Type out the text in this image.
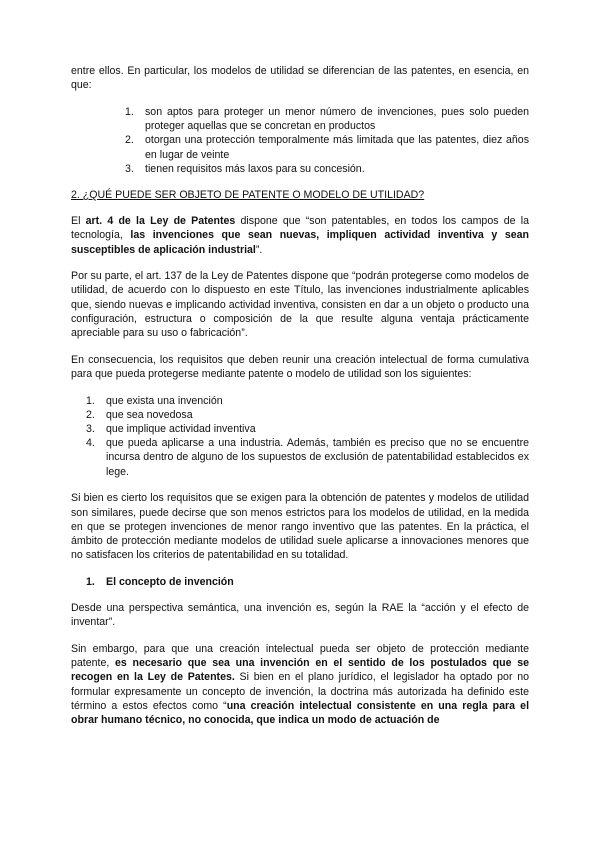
entre ellos. En particular, los modelos de utilidad se diferencian de las patentes, en esencia, en que:

1. son aptos para proteger un menor número de invenciones, pues solo pueden proteger aquellas que se concretan en productos
2. otorgan una protección temporalmente más limitada que las patentes, diez años en lugar de veinte
3. tienen requisitos más laxos para su concesión.

2. ¿QUÉ PUEDE SER OBJETO DE PATENTE O MODELO DE UTILIDAD?

El art. 4 de la Ley de Patentes dispone que “son patentables, en todos los campos de la tecnología, las invenciones que sean nuevas, impliquen actividad inventiva y sean susceptibles de aplicación industrial”.

Por su parte, el art. 137 de la Ley de Patentes dispone que “podrán protegerse como modelos de utilidad, de acuerdo con lo dispuesto en este Título, las invenciones industrialmente aplicables que, siendo nuevas e implicando actividad inventiva, consisten en dar a un objeto o producto una configuración, estructura o composición de la que resulte alguna ventaja prácticamente apreciable para su uso o fabricación”.

En consecuencia, los requisitos que deben reunir una creación intelectual de forma cumulativa para que pueda protegerse mediante patente o modelo de utilidad son los siguientes:

1. que exista una invención
2. que sea novedosa
3. que implique actividad inventiva
4. que pueda aplicarse a una industria. Además, también es preciso que no se encuentre incursa dentro de alguno de los supuestos de exclusión de patentabilidad establecidos ex lege.

Si bien es cierto los requisitos que se exigen para la obtención de patentes y modelos de utilidad son similares, puede decirse que son menos estrictos para los modelos de utilidad, en la medida en que se protegen invenciones de menor rango inventivo que las patentes. En la práctica, el ámbito de protección mediante modelos de utilidad suele aplicarse a innovaciones menores que no satisfacen los criterios de patentabilidad en su totalidad.

1. El concepto de invención

Desde una perspectiva semántica, una invención es, según la RAE la “acción y el efecto de inventar”.

Sin embargo, para que una creación intelectual pueda ser objeto de protección mediante patente, es necesario que sea una invención en el sentido de los postulados que se recogen en la Ley de Patentes. Si bien en el plano jurídico, el legislador ha optado por no formular expresamente un concepto de invención, la doctrina más autorizada ha definido este término a estos efectos como “una creación intelectual consistente en una regla para el obrar humano técnico, no conocida, que indica un modo de actuación de
